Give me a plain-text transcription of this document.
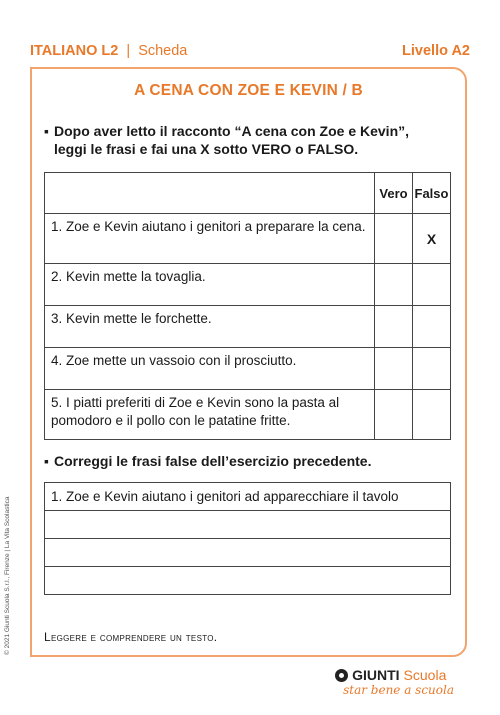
ITALIANO L2 | Scheda	Livello A2
A CENA CON ZOE E KEVIN / B
▪ Dopo aver letto il racconto “A cena con Zoe e Kevin”,
leggi le frasi e fai una X sotto VERO o FALSO.
	Vero	Falso
1. Zoe e Kevin aiutano i genitori a preparare la cena.		X
2. Kevin mette la tovaglia.		
3. Kevin mette le forchette.		
4. Zoe mette un vassoio con il prosciutto.		
5. I piatti preferiti di Zoe e Kevin sono la pasta al pomodoro e il pollo con le patatine fritte.		
▪ Correggi le frasi false dell’esercizio precedente.
1. Zoe e Kevin aiutano i genitori ad apparecchiare il tavolo

Leggere e comprendere un testo.
© 2021 Giunti Scuola S.r.l., Firenze | La Vita Scolastica
GIUNTI Scuola
star bene a scuola
